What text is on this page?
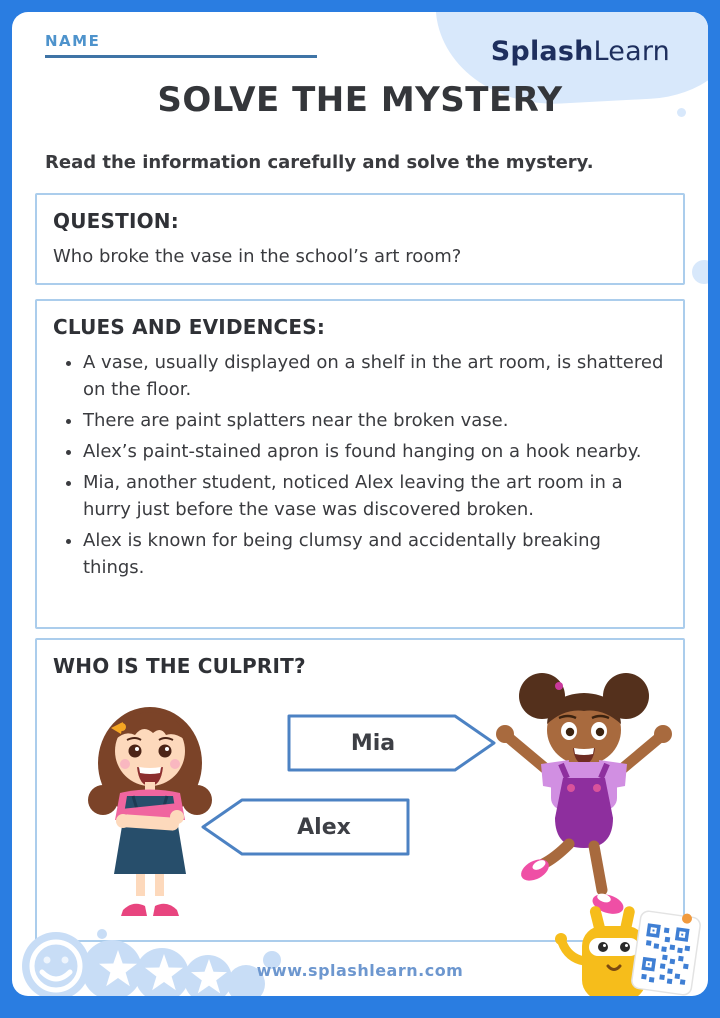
NAME	SplashLearn
SOLVE THE MYSTERY
Read the information carefully and solve the mystery.
QUESTION:
Who broke the vase in the school’s art room?
CLUES AND EVIDENCES:
• A vase, usually displayed on a shelf in the art room, is shattered on the floor.
• There are paint splatters near the broken vase.
• Alex’s paint-stained apron is found hanging on a hook nearby.
• Mia, another student, noticed Alex leaving the art room in a hurry just before the vase was discovered broken.
• Alex is known for being clumsy and accidentally breaking things.
WHO IS THE CULPRIT?
Mia
Alex
www.splashlearn.com
